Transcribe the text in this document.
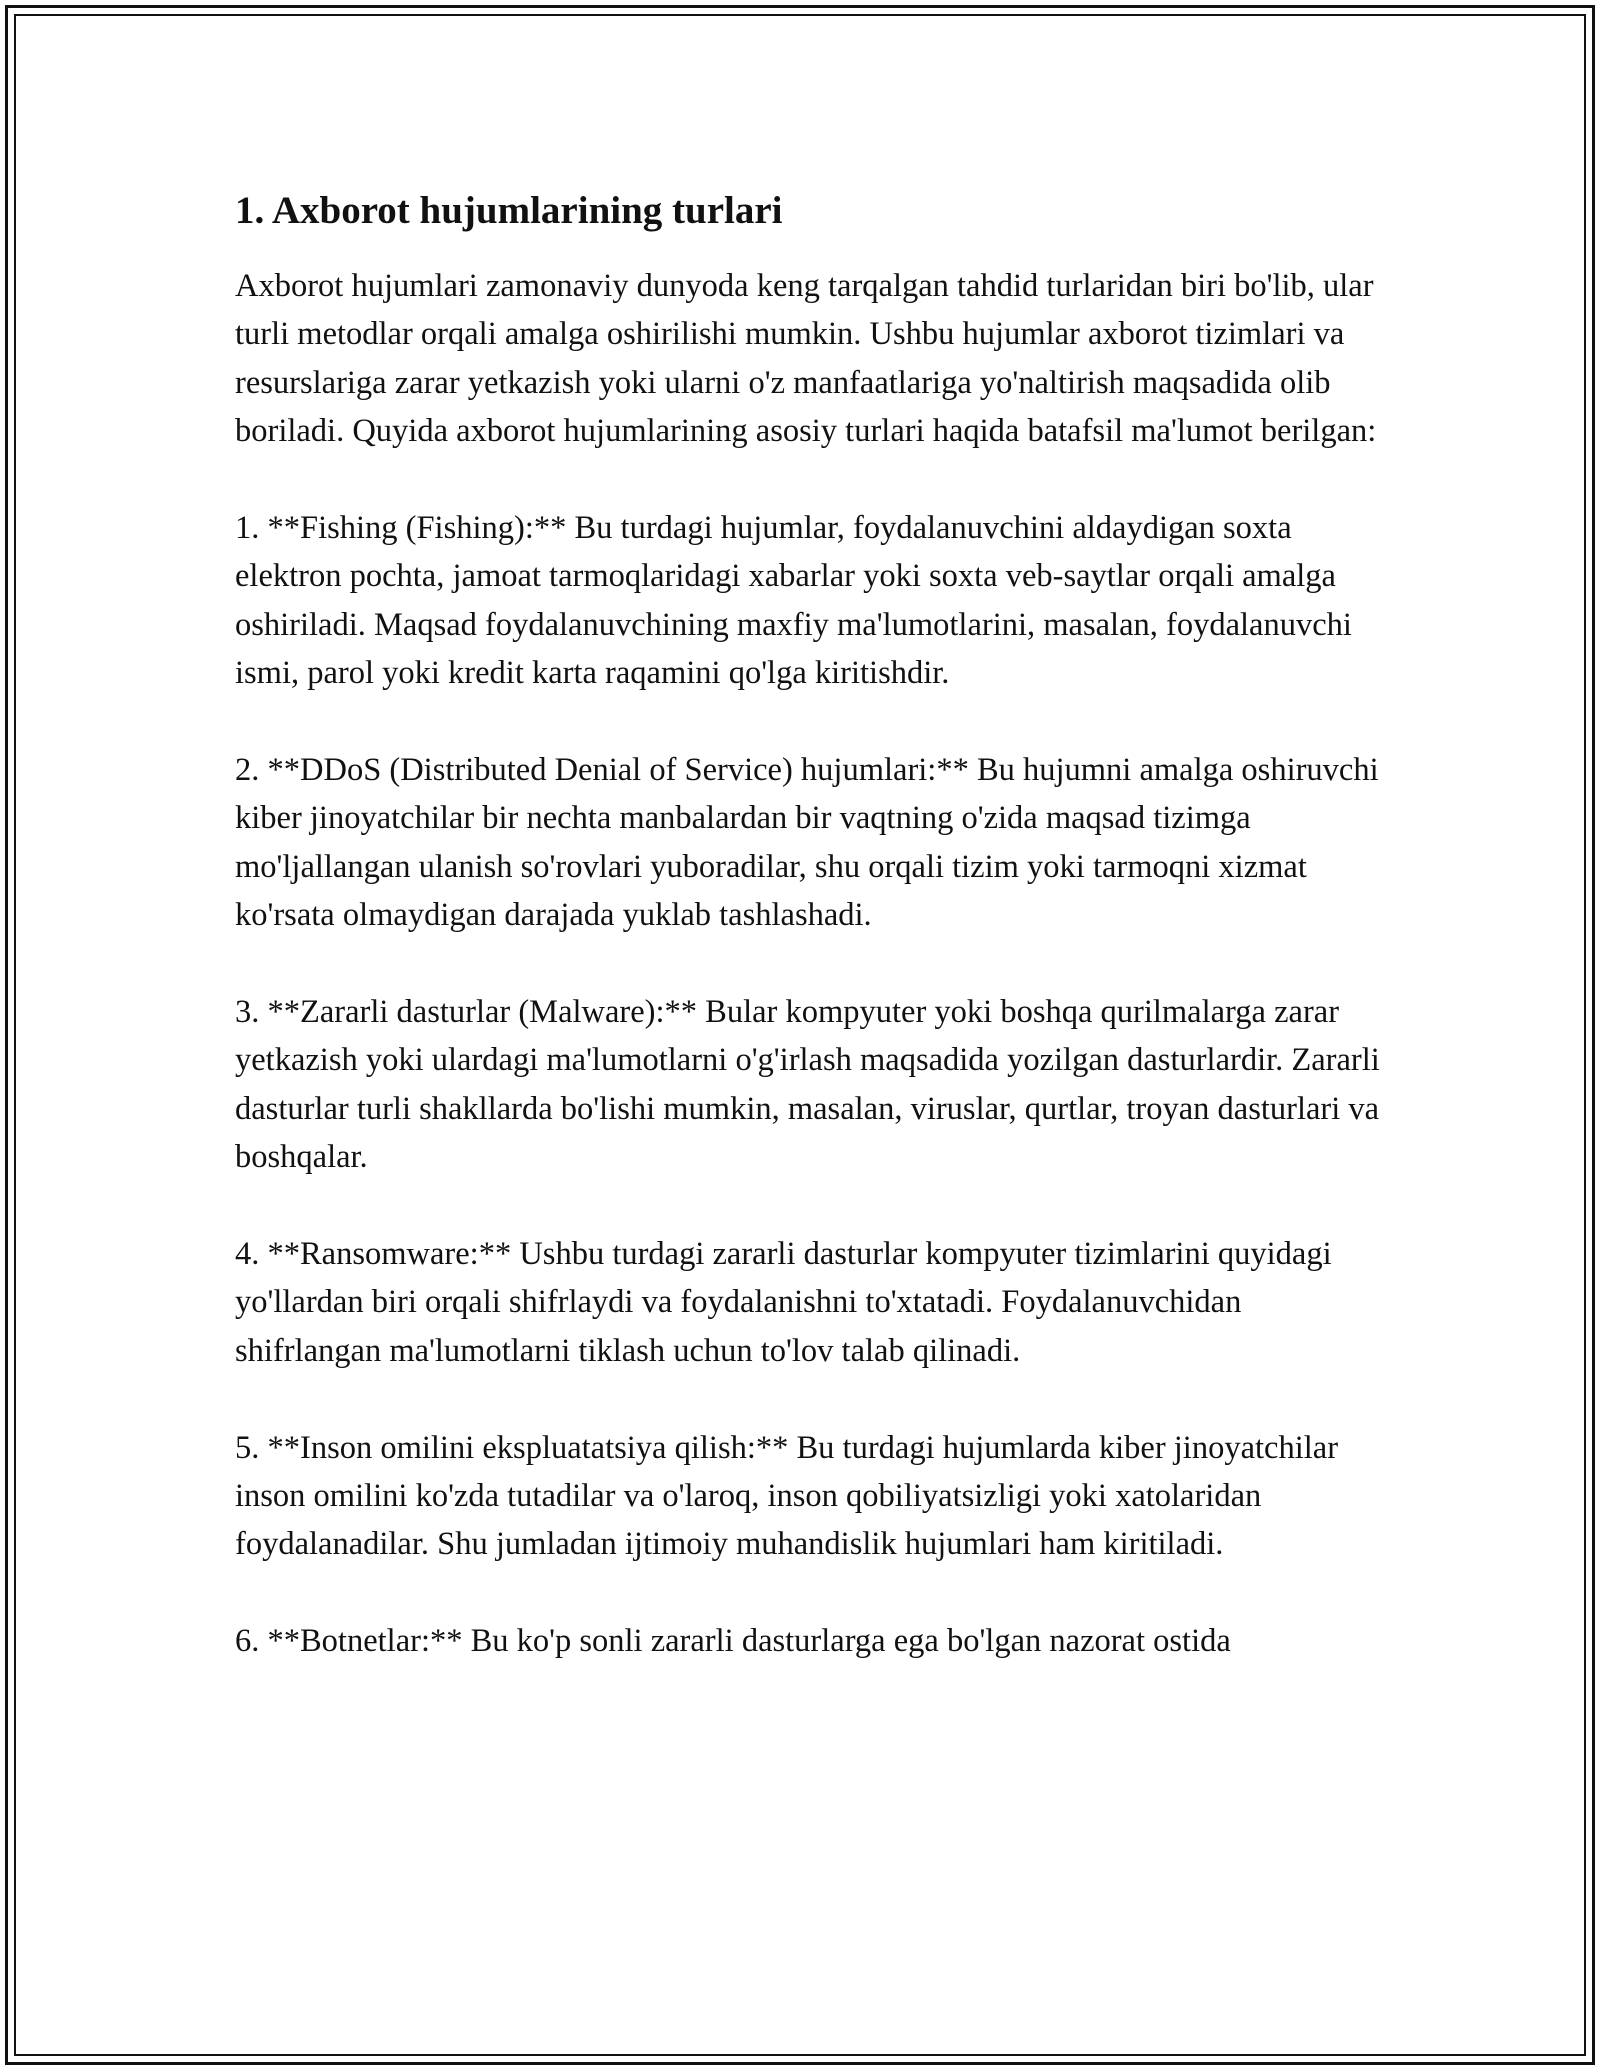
1. Axborot hujumlarining turlari

Axborot hujumlari zamonaviy dunyoda keng tarqalgan tahdid turlaridan biri bo'lib, ular turli metodlar orqali amalga oshirilishi mumkin. Ushbu hujumlar axborot tizimlari va resurslariga zarar yetkazish yoki ularni o'z manfaatlariga yo'naltirish maqsadida olib boriladi. Quyida axborot hujumlarining asosiy turlari haqida batafsil ma'lumot berilgan:

1. **Fishing (Fishing):** Bu turdagi hujumlar, foydalanuvchini aldaydigan soxta elektron pochta, jamoat tarmoqlaridagi xabarlar yoki soxta veb-saytlar orqali amalga oshiriladi. Maqsad foydalanuvchining maxfiy ma'lumotlarini, masalan, foydalanuvchi ismi, parol yoki kredit karta raqamini qo'lga kiritishdir.

2. **DDoS (Distributed Denial of Service) hujumlari:** Bu hujumni amalga oshiruvchi kiber jinoyatchilar bir nechta manbalardan bir vaqtning o'zida maqsad tizimga mo'ljallangan ulanish so'rovlari yuboradilar, shu orqali tizim yoki tarmoqni xizmat ko'rsata olmaydigan darajada yuklab tashlashadi.

3. **Zararli dasturlar (Malware):** Bular kompyuter yoki boshqa qurilmalarga zarar yetkazish yoki ulardagi ma'lumotlarni o'g'irlash maqsadida yozilgan dasturlardir. Zararli dasturlar turli shakllarda bo'lishi mumkin, masalan, viruslar, qurtlar, troyan dasturlari va boshqalar.

4. **Ransomware:** Ushbu turdagi zararli dasturlar kompyuter tizimlarini quyidagi yo'llardan biri orqali shifrlaydi va foydalanishni to'xtatadi. Foydalanuvchidan shifrlangan ma'lumotlarni tiklash uchun to'lov talab qilinadi.

5. **Inson omilini ekspluatatsiya qilish:** Bu turdagi hujumlarda kiber jinoyatchilar inson omilini ko'zda tutadilar va o'laroq, inson qobiliyatsizligi yoki xatolaridan foydalanadilar. Shu jumladan ijtimoiy muhandislik hujumlari ham kiritiladi.

6. **Botnetlar:** Bu ko'p sonli zararli dasturlarga ega bo'lgan nazorat ostida
